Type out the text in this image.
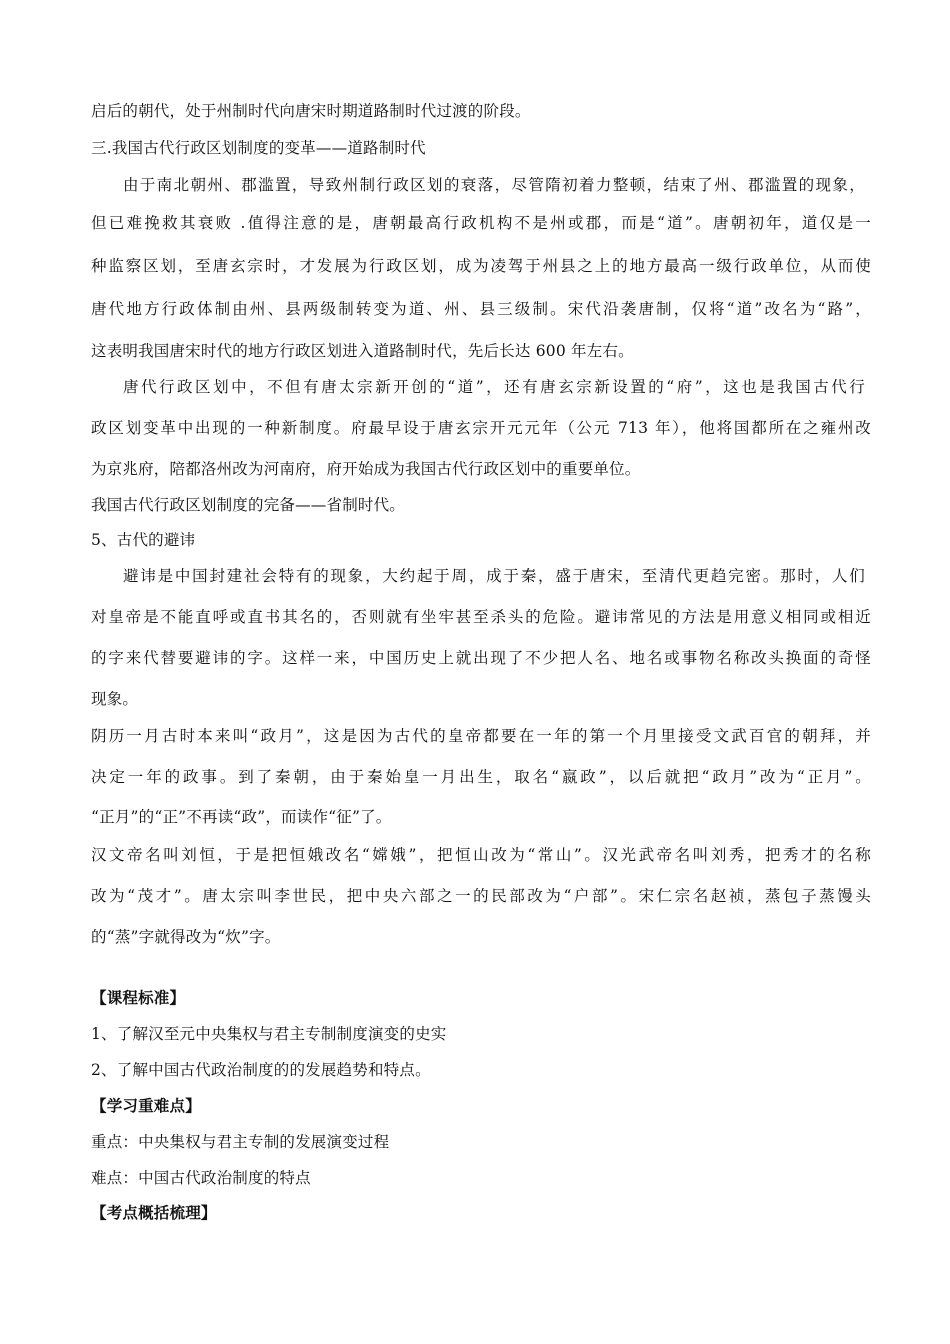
启后的朝代，处于州制时代向唐宋时期道路制时代过渡的阶段。
三.我国古代行政区划制度的变革——道路制时代
由于南北朝州、郡滥置，导致州制行政区划的衰落，尽管隋初着力整顿，结束了州、郡滥置的现象，
但已难挽救其衰败 .值得注意的是，唐朝最高行政机构不是州或郡，而是“道”。唐朝初年，道仅是一
种监察区划，至唐玄宗时，才发展为行政区划，成为凌驾于州县之上的地方最高一级行政单位，从而使
唐代地方行政体制由州、县两级制转变为道、州、县三级制。宋代沿袭唐制，仅将“道”改名为“路”，
这表明我国唐宋时代的地方行政区划进入道路制时代，先后长达 600 年左右。
唐代行政区划中，不但有唐太宗新开创的“道”，还有唐玄宗新设置的“府”，这也是我国古代行
政区划变革中出现的一种新制度。府最早设于唐玄宗开元元年（公元 713 年），他将国都所在之雍州改
为京兆府，陪都洛州改为河南府，府开始成为我国古代行政区划中的重要单位。
我国古代行政区划制度的完备——省制时代。
5、古代的避讳
避讳是中国封建社会特有的现象，大约起于周，成于秦，盛于唐宋，至清代更趋完密。那时，人们
对皇帝是不能直呼或直书其名的，否则就有坐牢甚至杀头的危险。避讳常见的方法是用意义相同或相近
的字来代替要避讳的字。这样一来，中国历史上就出现了不少把人名、地名或事物名称改头换面的奇怪
现象。
阴历一月古时本来叫“政月”，这是因为古代的皇帝都要在一年的第一个月里接受文武百官的朝拜，并
决定一年的政事。到了秦朝，由于秦始皇一月出生，取名“嬴政”，以后就把“政月”改为“正月”。
“正月”的“正”不再读“政”，而读作“征”了。
汉文帝名叫刘恒，于是把恒娥改名“嫦娥”，把恒山改为“常山”。汉光武帝名叫刘秀，把秀才的名称
改为“茂才”。唐太宗叫李世民，把中央六部之一的民部改为“户部”。宋仁宗名赵祯，蒸包子蒸馒头
的“蒸”字就得改为“炊”字。
【课程标准】
1、了解汉至元中央集权与君主专制制度演变的史实
2、了解中国古代政治制度的的发展趋势和特点。
【学习重难点】
重点：中央集权与君主专制的发展演变过程
难点：中国古代政治制度的特点
【考点概括梳理】
